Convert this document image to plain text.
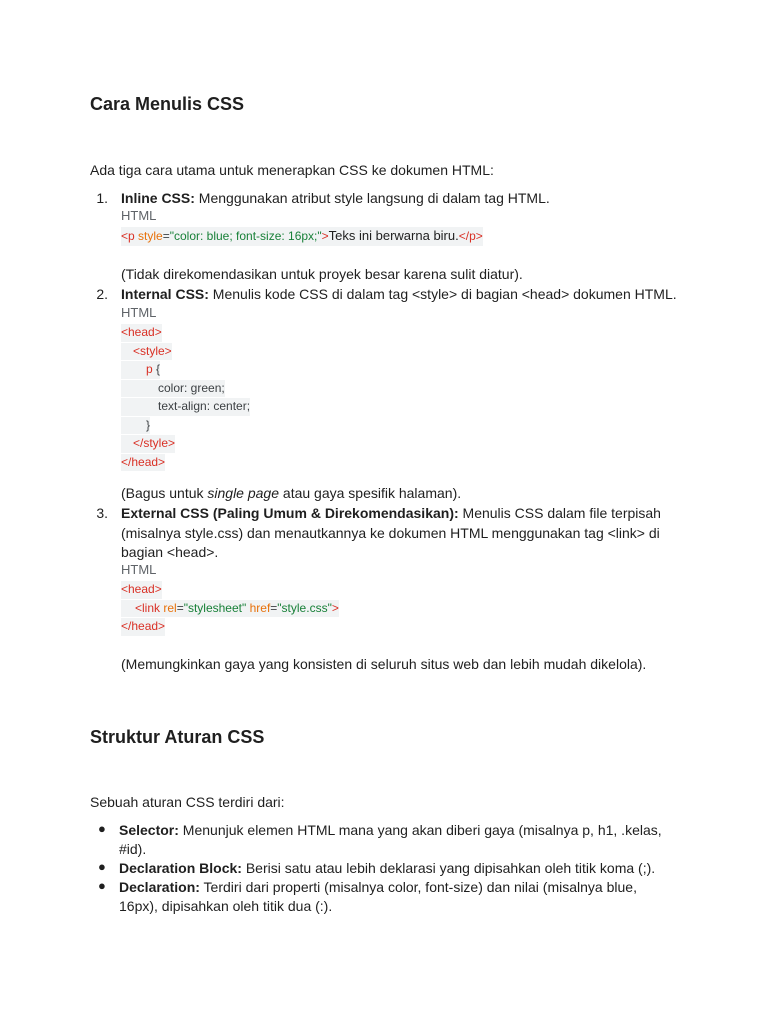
Cara Menulis CSS
Ada tiga cara utama untuk menerapkan CSS ke dokumen HTML:
1. Inline CSS: Menggunakan atribut style langsung di dalam tag HTML.
HTML
<p style="color: blue; font-size: 16px;">Teks ini berwarna biru.</p>
(Tidak direkomendasikan untuk proyek besar karena sulit diatur).
2. Internal CSS: Menulis kode CSS di dalam tag <style> di bagian <head> dokumen HTML.
HTML
<head>
<style>
p {
color: green;
text-align: center;
}
</style>
</head>
(Bagus untuk single page atau gaya spesifik halaman).
3. External CSS (Paling Umum & Direkomendasikan): Menulis CSS dalam file terpisah
(misalnya style.css) dan menautkannya ke dokumen HTML menggunakan tag <link> di
bagian <head>.
HTML
<head>
<link rel="stylesheet" href="style.css">
</head>
(Memungkinkan gaya yang konsisten di seluruh situs web dan lebih mudah dikelola).
Struktur Aturan CSS
Sebuah aturan CSS terdiri dari:
● Selector: Menunjuk elemen HTML mana yang akan diberi gaya (misalnya p, h1, .kelas,
#id).
● Declaration Block: Berisi satu atau lebih deklarasi yang dipisahkan oleh titik koma (;).
● Declaration: Terdiri dari properti (misalnya color, font-size) dan nilai (misalnya blue,
16px), dipisahkan oleh titik dua (:).
